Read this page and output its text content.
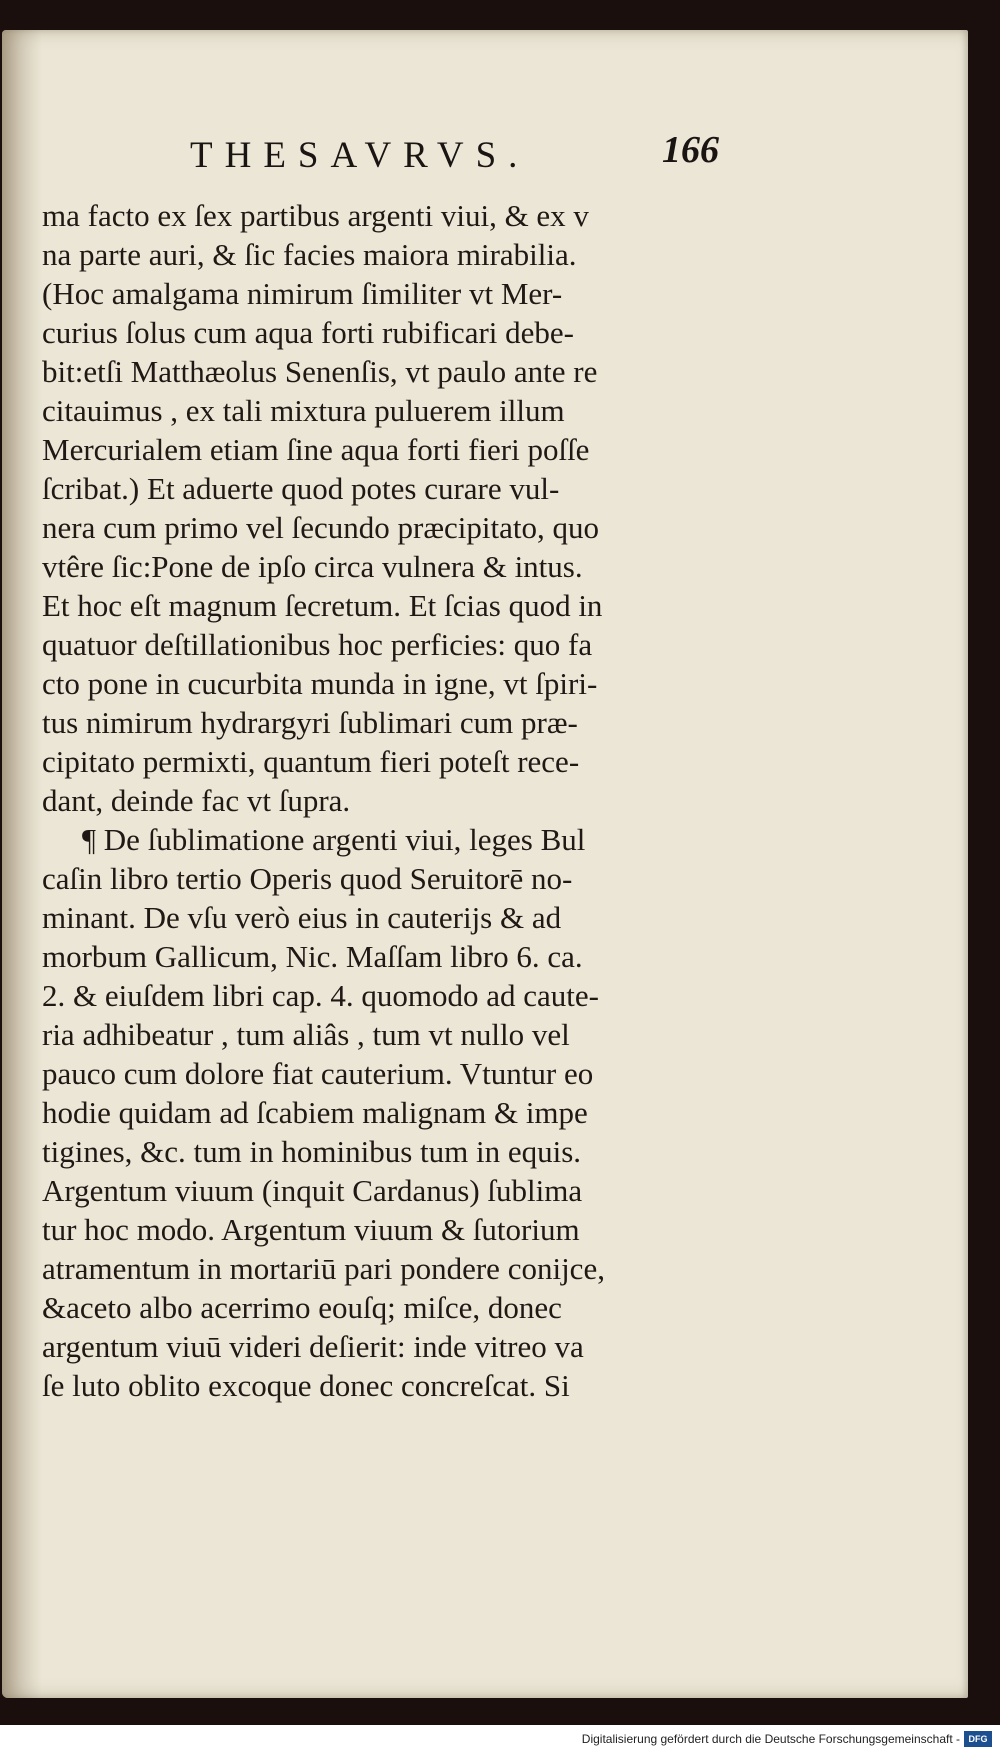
THESAVRVS.	166
ma facto ex ſex partibus argenti viui, & ex v
na parte auri, & ſic facies maiora mirabilia.
(Hoc amalgama nimirum ſimiliter vt Mer-
curius ſolus cum aqua forti rubificari debe-
bit:etſi Matthæolus Senenſis, vt paulo ante re
citauimus , ex tali mixtura puluerem illum
Mercurialem etiam ſine aqua forti fieri poſſe
ſcribat.) Et aduerte quod potes curare vul-
nera cum primo vel ſecundo præcipitato, quo
vtêre ſic:Pone de ipſo circa vulnera & intus.
Et hoc eſt magnum ſecretum. Et ſcias quod in
quatuor deſtillationibus hoc perficies: quo fa
cto pone in cucurbita munda in igne, vt ſpiri-
tus nimirum hydrargyri ſublimari cum præ-
cipitato permixti, quantum fieri poteſt rece-
dant, deinde fac vt ſupra.
¶ De ſublimatione argenti viui, leges Bul
caſin libro tertio Operis quod Seruitorē no-
minant. De vſu verò eius in cauterijs & ad
morbum Gallicum, Nic. Maſſam libro 6. ca.
2. & eiuſdem libri cap. 4. quomodo ad caute-
ria adhibeatur , tum aliâs , tum vt nullo vel
pauco cum dolore fiat cauterium. Vtuntur eo
hodie quidam ad ſcabiem malignam & impe
tigines, &c. tum in hominibus tum in equis.
Argentum viuum (inquit Cardanus) ſublima
tur hoc modo. Argentum viuum & ſutorium
atramentum in mortariū pari pondere conijce,
&aceto albo acerrimo eouſq; miſce, donec
argentum viuū videri deſierit: inde vitreo va
ſe luto oblito excoque donec concreſcat. Si
Digitalisierung gefördert durch die Deutsche Forschungsgemeinschaft - DFG
